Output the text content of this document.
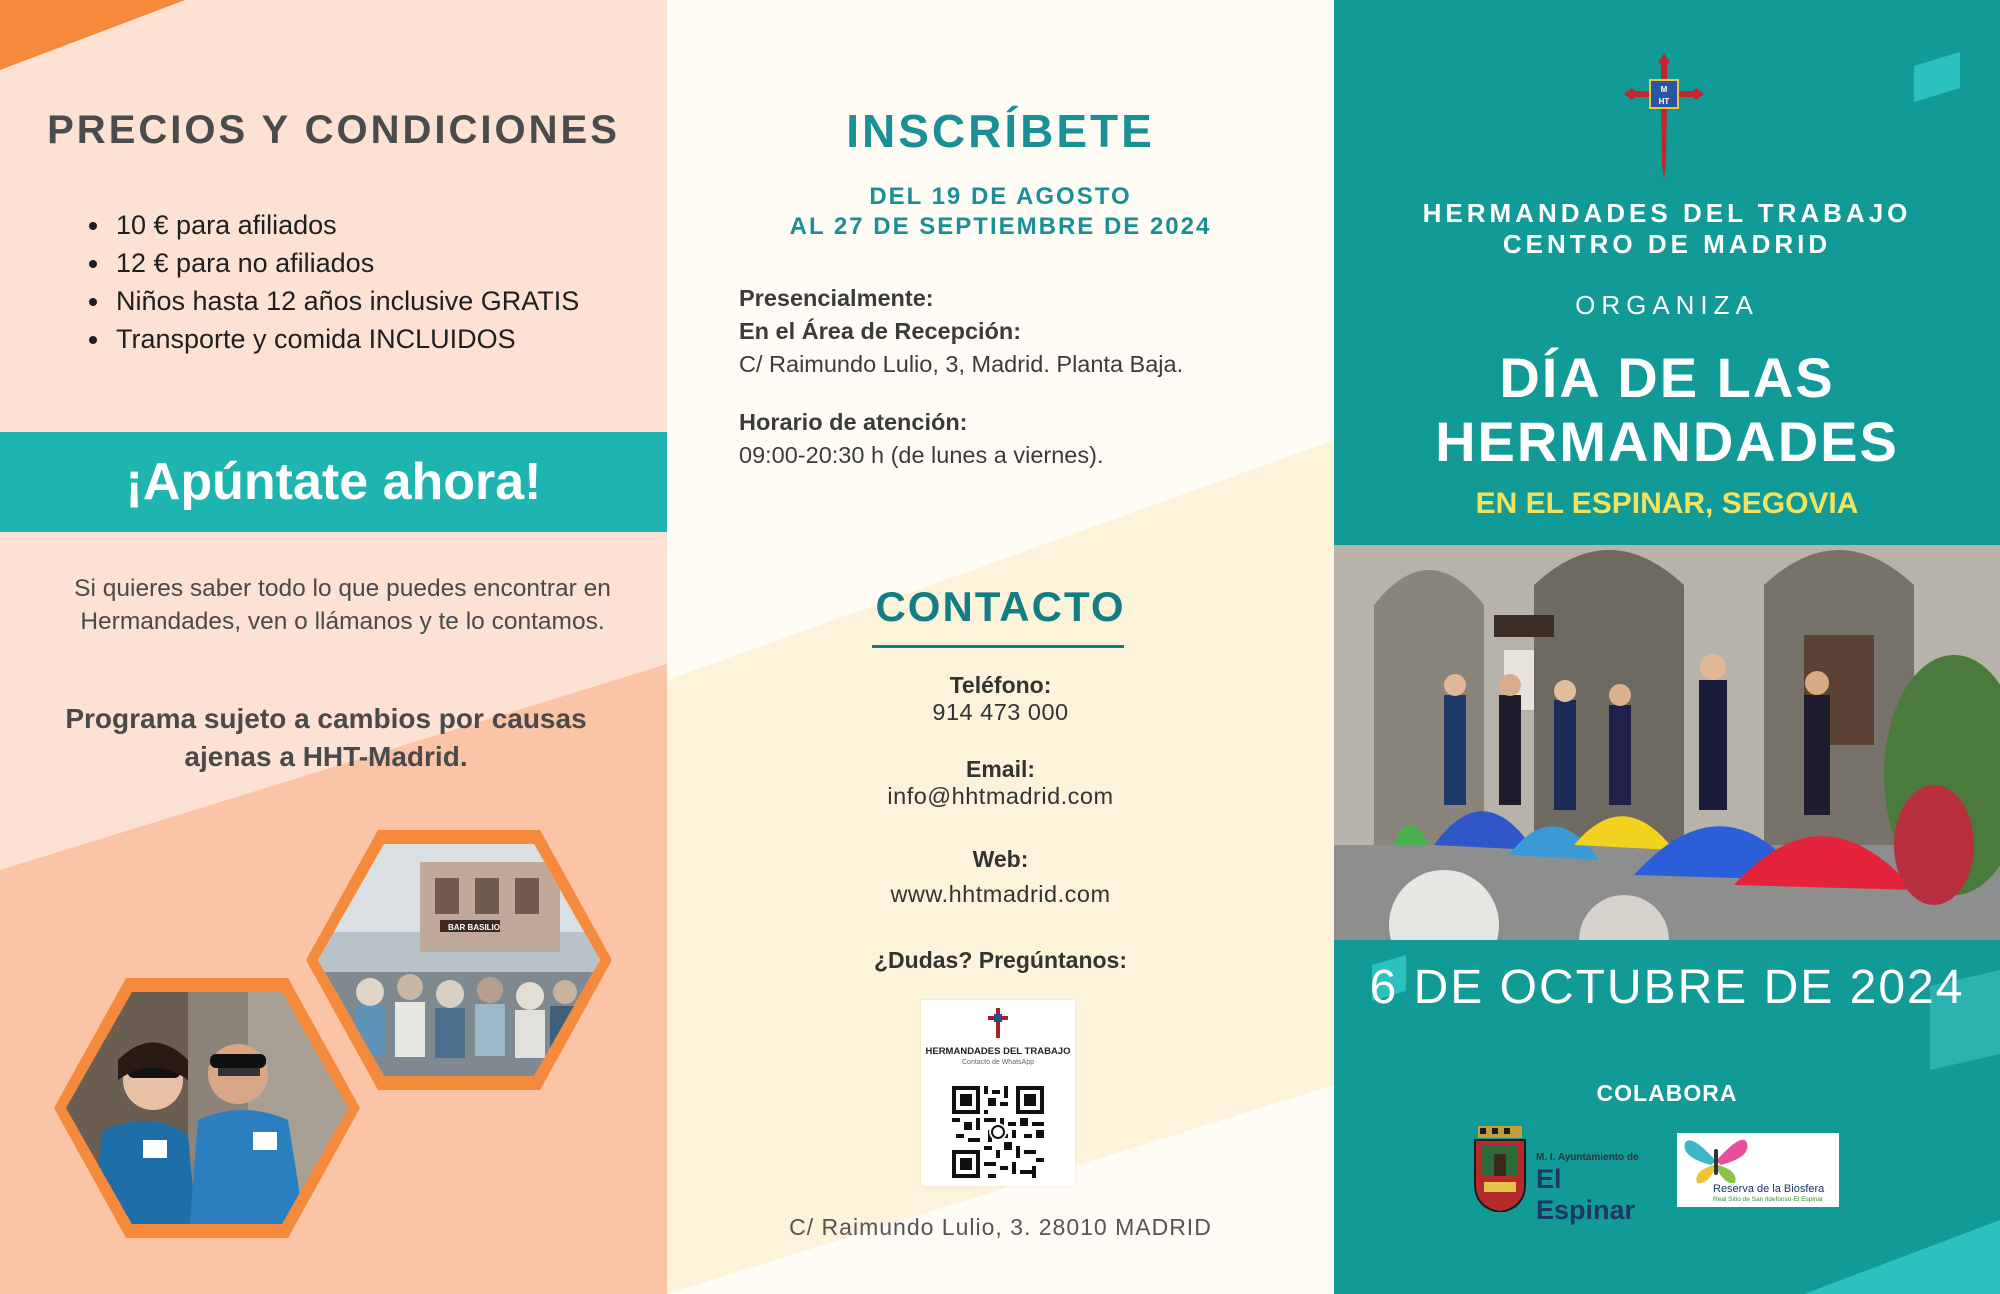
PRECIOS Y CONDICIONES
• 10 € para afiliados
• 12 € para no afiliados
• Niños hasta 12 años inclusive GRATIS
• Transporte y comida INCLUIDOS
¡Apúntate ahora!
Si quieres saber todo lo que puedes encontrar en Hermandades, ven o llámanos y te lo contamos.
Programa sujeto a cambios por causas ajenas a HHT-Madrid.
BAR BASILIO
INSCRÍBETE
DEL 19 DE AGOSTO
AL 27 DE SEPTIEMBRE DE 2024
Presencialmente:
En el Área de Recepción:
C/ Raimundo Lulio, 3, Madrid. Planta Baja.
Horario de atención:
09:00-20:30 h (de lunes a viernes).
CONTACTO
Teléfono:
914 473 000
Email:
info@hhtmadrid.com
Web:
www.hhtmadrid.com
¿Dudas? Pregúntanos:
HERMANDADES DEL TRABAJO
Contacto de WhatsApp
C/ Raimundo Lulio, 3. 28010 MADRID
M
HT
HERMANDADES DEL TRABAJO
CENTRO DE MADRID
ORGANIZA
DÍA DE LAS
HERMANDADES
EN EL ESPINAR, SEGOVIA
6 DE OCTUBRE DE 2024
COLABORA
M. I. Ayuntamiento de
El Espinar
Reserva de la Biosfera
Real Sitio de San Ildefonso-El Espinar
